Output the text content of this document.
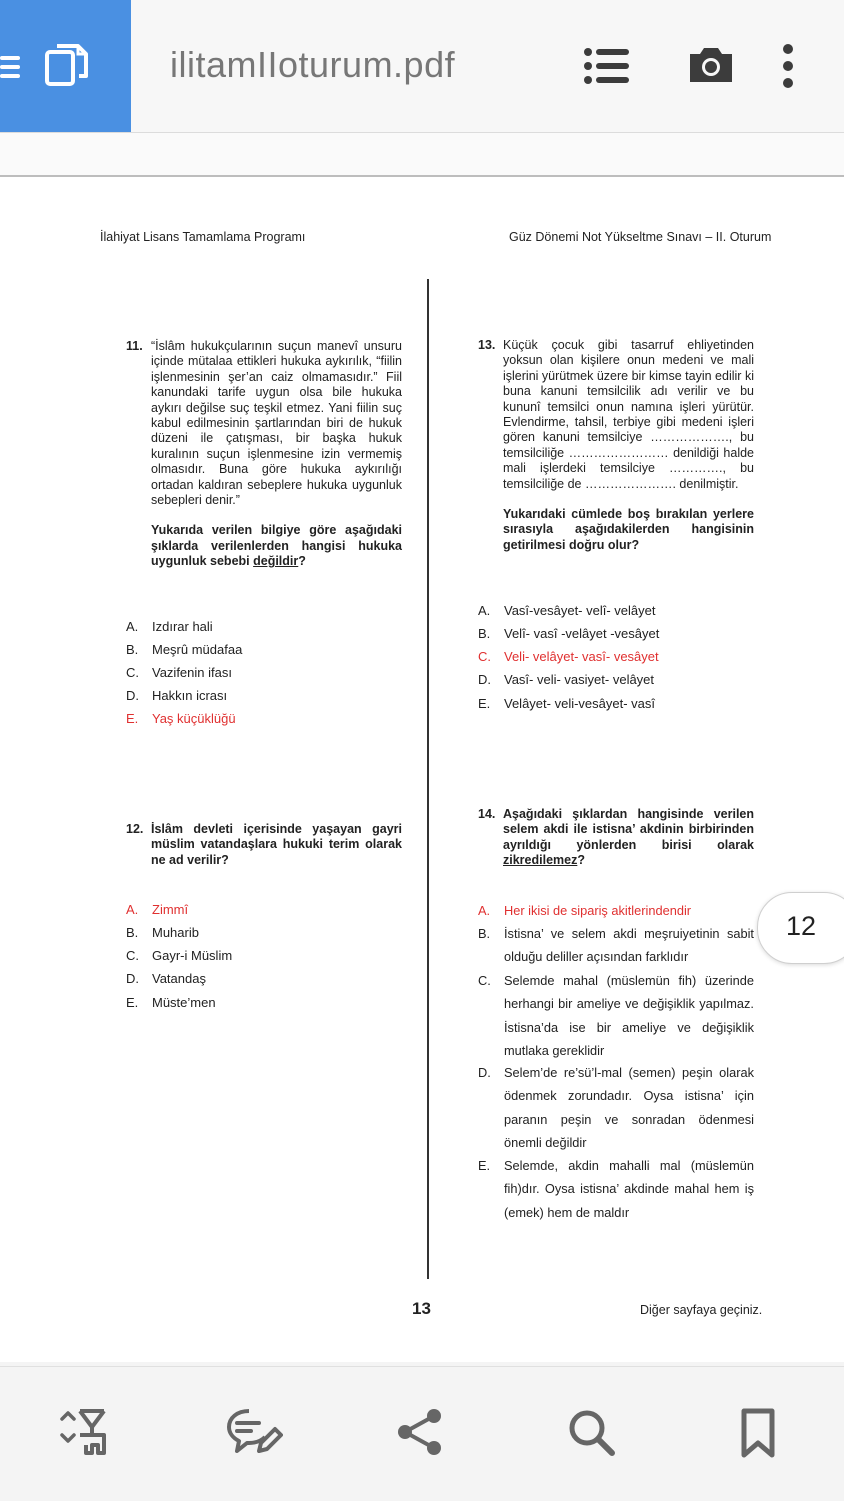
ilitamIIoturum.pdf
İlahiyat Lisans Tamamlama Programı	Güz Dönemi Not Yükseltme Sınavı – II. Oturum
11. “İslâm hukukçularının suçun manevî unsuru içinde mütalaa ettikleri hukuka aykırılık, “fiilin işlenmesinin şer’an caiz olmamasıdır.” Fiil kanundaki tarife uygun olsa bile hukuka aykırı değilse suç teşkil etmez. Yani fiilin suç kabul edilmesinin şartlarından biri de hukuk düzeni ile çatışması, bir başka hukuk kuralının suçun işlenmesine izin vermemiş olmasıdır. Buna göre hukuka aykırılığı ortadan kaldıran sebeplere hukuka uygunluk sebepleri denir.”
Yukarıda verilen bilgiye göre aşağıdaki şıklarda verilenlerden hangisi hukuka uygunluk sebebi değildir?
A. Izdırar hali
B. Meşrû müdafaa
C. Vazifenin ifası
D. Hakkın icrası
E. Yaş küçüklüğü
12. İslâm devleti içerisinde yaşayan gayri müslim vatandaşlara hukuki terim olarak ne ad verilir?
A. Zimmî
B. Muharib
C. Gayr-i Müslim
D. Vatandaş
E. Müste’men
13. Küçük çocuk gibi tasarruf ehliyetinden yoksun olan kişilere onun medeni ve mali işlerini yürütmek üzere bir kimse tayin edilir ki buna kanuni temsilcilik adı verilir ve bu kununî temsilci onun namına işleri yürütür. Evlendirme, tahsil, terbiye gibi medeni işleri gören kanuni temsilciye ………………., bu temsilciliğe …………………… denildiği halde mali işlerdeki temsilciye …………., bu temsilciliğe de …………………. denilmiştir.
Yukarıdaki cümlede boş bırakılan yerlere sırasıyla aşağıdakilerden hangisinin getirilmesi doğru olur?
A. Vasî-vesâyet- velî- velâyet
B. Velî- vasî -velâyet -vesâyet
C. Veli- velâyet- vasî- vesâyet
D. Vasî- veli- vasiyet- velâyet
E. Velâyet- veli-vesâyet- vasî
14. Aşağıdaki şıklardan hangisinde verilen selem akdi ile istisna’ akdinin birbirinden ayrıldığı yönlerden birisi olarak zikredilemez?
A. Her ikisi de sipariş akitlerindendir
B. İstisna’ ve selem akdi meşruiyetinin sabit olduğu deliller açısından farklıdır
C. Selemde mahal (müslemün fih) üzerinde herhangi bir ameliye ve değişiklik yapılmaz. İstisna’da ise bir ameliye ve değişiklik mutlaka gereklidir
D. Selem’de re’sü’l-mal (semen) peşin olarak ödenmek zorundadır. Oysa istisna’ için paranın peşin ve sonradan ödenmesi önemli değildir
E. Selemde, akdin mahalli mal (müslemün fih)dır. Oysa istisna’ akdinde mahal hem iş (emek) hem de maldır
13	Diğer sayfaya geçiniz.
12
